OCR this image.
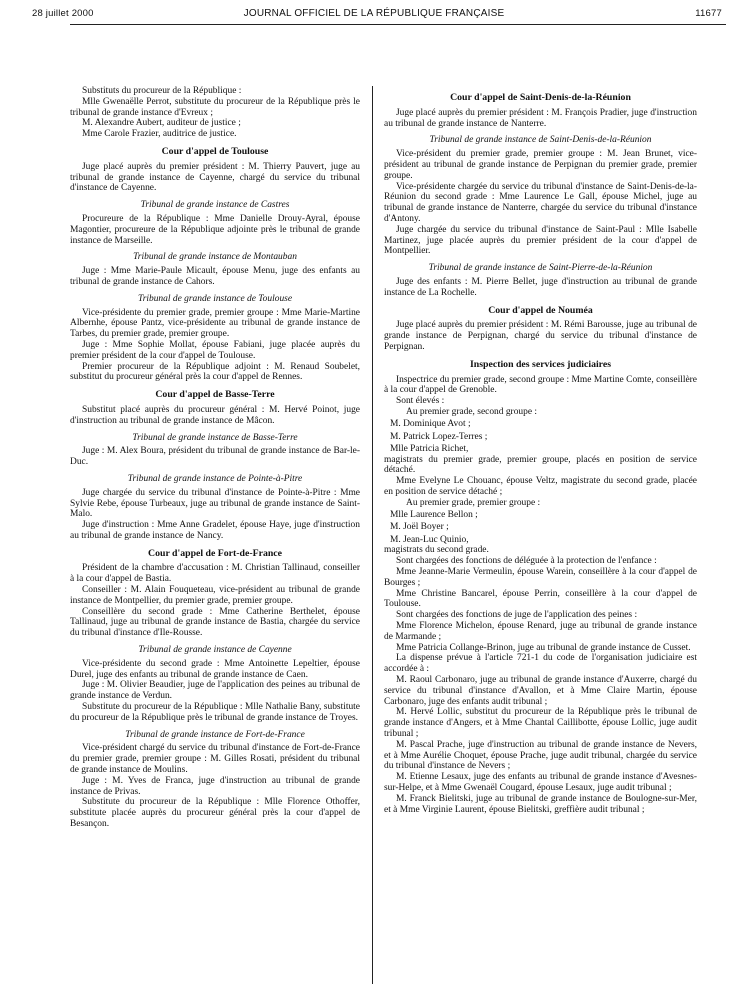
28 juillet 2000	JOURNAL OFFICIEL DE LA RÉPUBLIQUE FRANÇAISE	11677

Substituts du procureur de la République :

Mlle Gwenaëlle Perrot, substitute du procureur de la République près le tribunal de grande instance d'Evreux ;

M. Alexandre Aubert, auditeur de justice ;

Mme Carole Frazier, auditrice de justice.

Cour d'appel de Toulouse

Juge placé auprès du premier président : M. Thierry Pauvert, juge au tribunal de grande instance de Cayenne, chargé du service du tribunal d'instance de Cayenne.

Tribunal de grande instance de Castres

Procureure de la République : Mme Danielle Drouy-Ayral, épouse Magontier, procureure de la République adjointe près le tribunal de grande instance de Marseille.

Tribunal de grande instance de Montauban

Juge : Mme Marie-Paule Micault, épouse Menu, juge des enfants au tribunal de grande instance de Cahors.

Tribunal de grande instance de Toulouse

Vice-présidente du premier grade, premier groupe : Mme Marie-Martine Albernhe, épouse Pantz, vice-présidente au tribunal de grande instance de Tarbes, du premier grade, premier groupe.

Juge : Mme Sophie Mollat, épouse Fabiani, juge placée auprès du premier président de la cour d'appel de Toulouse.

Premier procureur de la République adjoint : M. Renaud Soubelet, substitut du procureur général près la cour d'appel de Rennes.

Cour d'appel de Basse-Terre

Substitut placé auprès du procureur général : M. Hervé Poinot, juge d'instruction au tribunal de grande instance de Mâcon.

Tribunal de grande instance de Basse-Terre

Juge : M. Alex Boura, président du tribunal de grande instance de Bar-le-Duc.

Tribunal de grande instance de Pointe-à-Pitre

Juge chargée du service du tribunal d'instance de Pointe-à-Pitre : Mme Sylvie Rebe, épouse Turbeaux, juge au tribunal de grande instance de Saint-Malo.

Juge d'instruction : Mme Anne Gradelet, épouse Haye, juge d'instruction au tribunal de grande instance de Nancy.

Cour d'appel de Fort-de-France

Président de la chambre d'accusation : M. Christian Tallinaud, conseiller à la cour d'appel de Bastia.

Conseiller : M. Alain Fouqueteau, vice-président au tribunal de grande instance de Montpellier, du premier grade, premier groupe.

Conseillère du second grade : Mme Catherine Berthelet, épouse Tallinaud, juge au tribunal de grande instance de Bastia, chargée du service du tribunal d'instance d'Ile-Rousse.

Tribunal de grande instance de Cayenne

Vice-présidente du second grade : Mme Antoinette Lepeltier, épouse Durel, juge des enfants au tribunal de grande instance de Caen.

Juge : M. Olivier Beaudier, juge de l'application des peines au tribunal de grande instance de Verdun.

Substitute du procureur de la République : Mlle Nathalie Bany, substitute du procureur de la République près le tribunal de grande instance de Troyes.

Tribunal de grande instance de Fort-de-France

Vice-président chargé du service du tribunal d'instance de Fort-de-France du premier grade, premier groupe : M. Gilles Rosati, président du tribunal de grande instance de Moulins.

Juge : M. Yves de Franca, juge d'instruction au tribunal de grande instance de Privas.

Substitute du procureur de la République : Mlle Florence Othoffer, substitute placée auprès du procureur général près la cour d'appel de Besançon.

Cour d'appel de Saint-Denis-de-la-Réunion

Juge placé auprès du premier président : M. François Pradier, juge d'instruction au tribunal de grande instance de Nanterre.

Tribunal de grande instance de Saint-Denis-de-la-Réunion

Vice-président du premier grade, premier groupe : M. Jean Brunet, vice-président au tribunal de grande instance de Perpignan du premier grade, premier groupe.

Vice-présidente chargée du service du tribunal d'instance de Saint-Denis-de-la-Réunion du second grade : Mme Laurence Le Gall, épouse Michel, juge au tribunal de grande instance de Nanterre, chargée du service du tribunal d'instance d'Antony.

Juge chargée du service du tribunal d'instance de Saint-Paul : Mlle Isabelle Martinez, juge placée auprès du premier président de la cour d'appel de Montpellier.

Tribunal de grande instance de Saint-Pierre-de-la-Réunion

Juge des enfants : M. Pierre Bellet, juge d'instruction au tribunal de grande instance de La Rochelle.

Cour d'appel de Nouméa

Juge placé auprès du premier président : M. Rémi Barousse, juge au tribunal de grande instance de Perpignan, chargé du service du tribunal d'instance de Perpignan.

Inspection des services judiciaires

Inspectrice du premier grade, second groupe : Mme Martine Comte, conseillère à la cour d'appel de Grenoble.

Sont élevés :

Au premier grade, second groupe :

M. Dominique Avot ;

M. Patrick Lopez-Terres ;

Mlle Patricia Richet,

magistrats du premier grade, premier groupe, placés en position de service détaché.

Mme Evelyne Le Chouanc, épouse Veltz, magistrate du second grade, placée en position de service détaché ;

Au premier grade, premier groupe :

Mlle Laurence Bellon ;

M. Joël Boyer ;

M. Jean-Luc Quinio,

magistrats du second grade.

Sont chargées des fonctions de déléguée à la protection de l'enfance :

Mme Jeanne-Marie Vermeulin, épouse Warein, conseillère à la cour d'appel de Bourges ;

Mme Christine Bancarel, épouse Perrin, conseillère à la cour d'appel de Toulouse.

Sont chargées des fonctions de juge de l'application des peines :

Mme Florence Michelon, épouse Renard, juge au tribunal de grande instance de Marmande ;

Mme Patricia Collange-Brinon, juge au tribunal de grande instance de Cusset.

La dispense prévue à l'article 721-1 du code de l'organisation judiciaire est accordée à :

M. Raoul Carbonaro, juge au tribunal de grande instance d'Auxerre, chargé du service du tribunal d'instance d'Avallon, et à Mme Claire Martin, épouse Carbonaro, juge des enfants audit tribunal ;

M. Hervé Lollic, substitut du procureur de la République près le tribunal de grande instance d'Angers, et à Mme Chantal Caillibotte, épouse Lollic, juge audit tribunal ;

M. Pascal Prache, juge d'instruction au tribunal de grande instance de Nevers, et à Mme Aurélie Choquet, épouse Prache, juge audit tribunal, chargée du service du tribunal d'instance de Nevers ;

M. Etienne Lesaux, juge des enfants au tribunal de grande instance d'Avesnes-sur-Helpe, et à Mme Gwenaël Cougard, épouse Lesaux, juge audit tribunal ;

M. Franck Bielitski, juge au tribunal de grande instance de Boulogne-sur-Mer, et à Mme Virginie Laurent, épouse Bielitski, greffière audit tribunal ;
